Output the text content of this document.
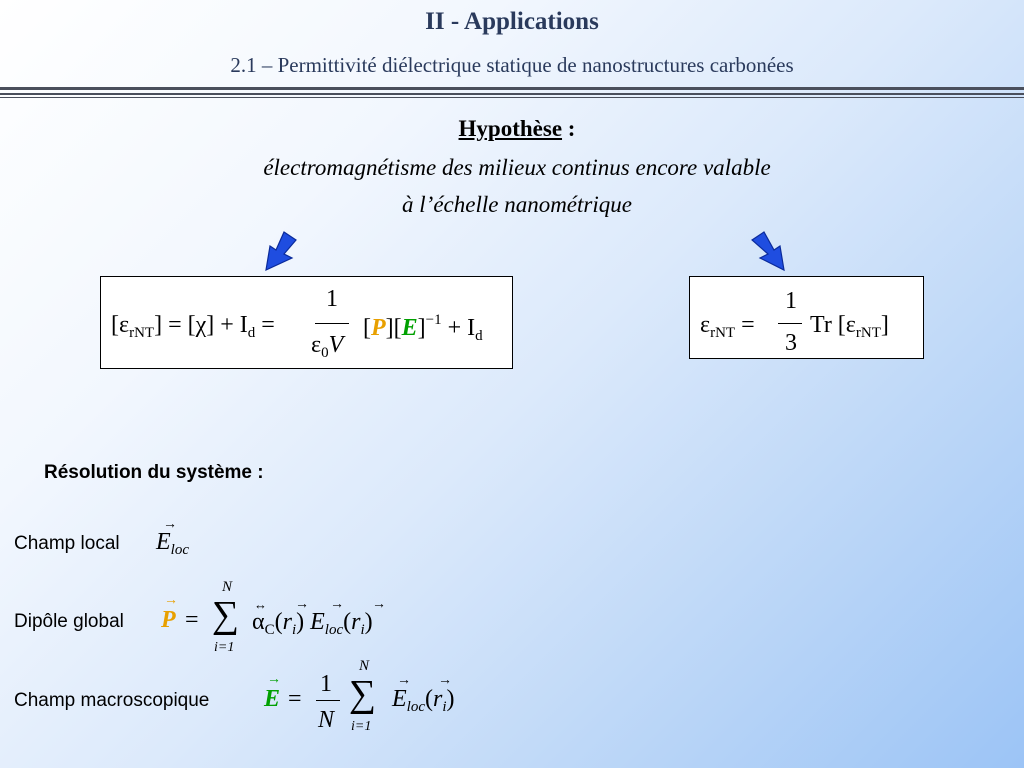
II - Applications
2.1 – Permittivité diélectrique statique de nanostructures carbonées
Hypothèse :
électromagnétisme des milieux continus encore valable
à l’échelle nanométrique
$[\varepsilon_{rNT}] = [\chi] + I_d$ =
1
$\varepsilon_0V$
$[P][E]^{-1} + I_d$	$\varepsilon_{rNT}$ =
1
3
Tr $[\varepsilon_{rNT}]$
Résolution du système :
Champ local
→
$E_{loc}$
Dipôle global
→
P =
N
∑
i=1
↔
$\alpha_C(r_i)$ $E_{loc}(r_i)$
→ → →
Champ macroscopique
→
E =
1
N
N
∑
i=1
→ →
$E_{loc}(r_i)$
